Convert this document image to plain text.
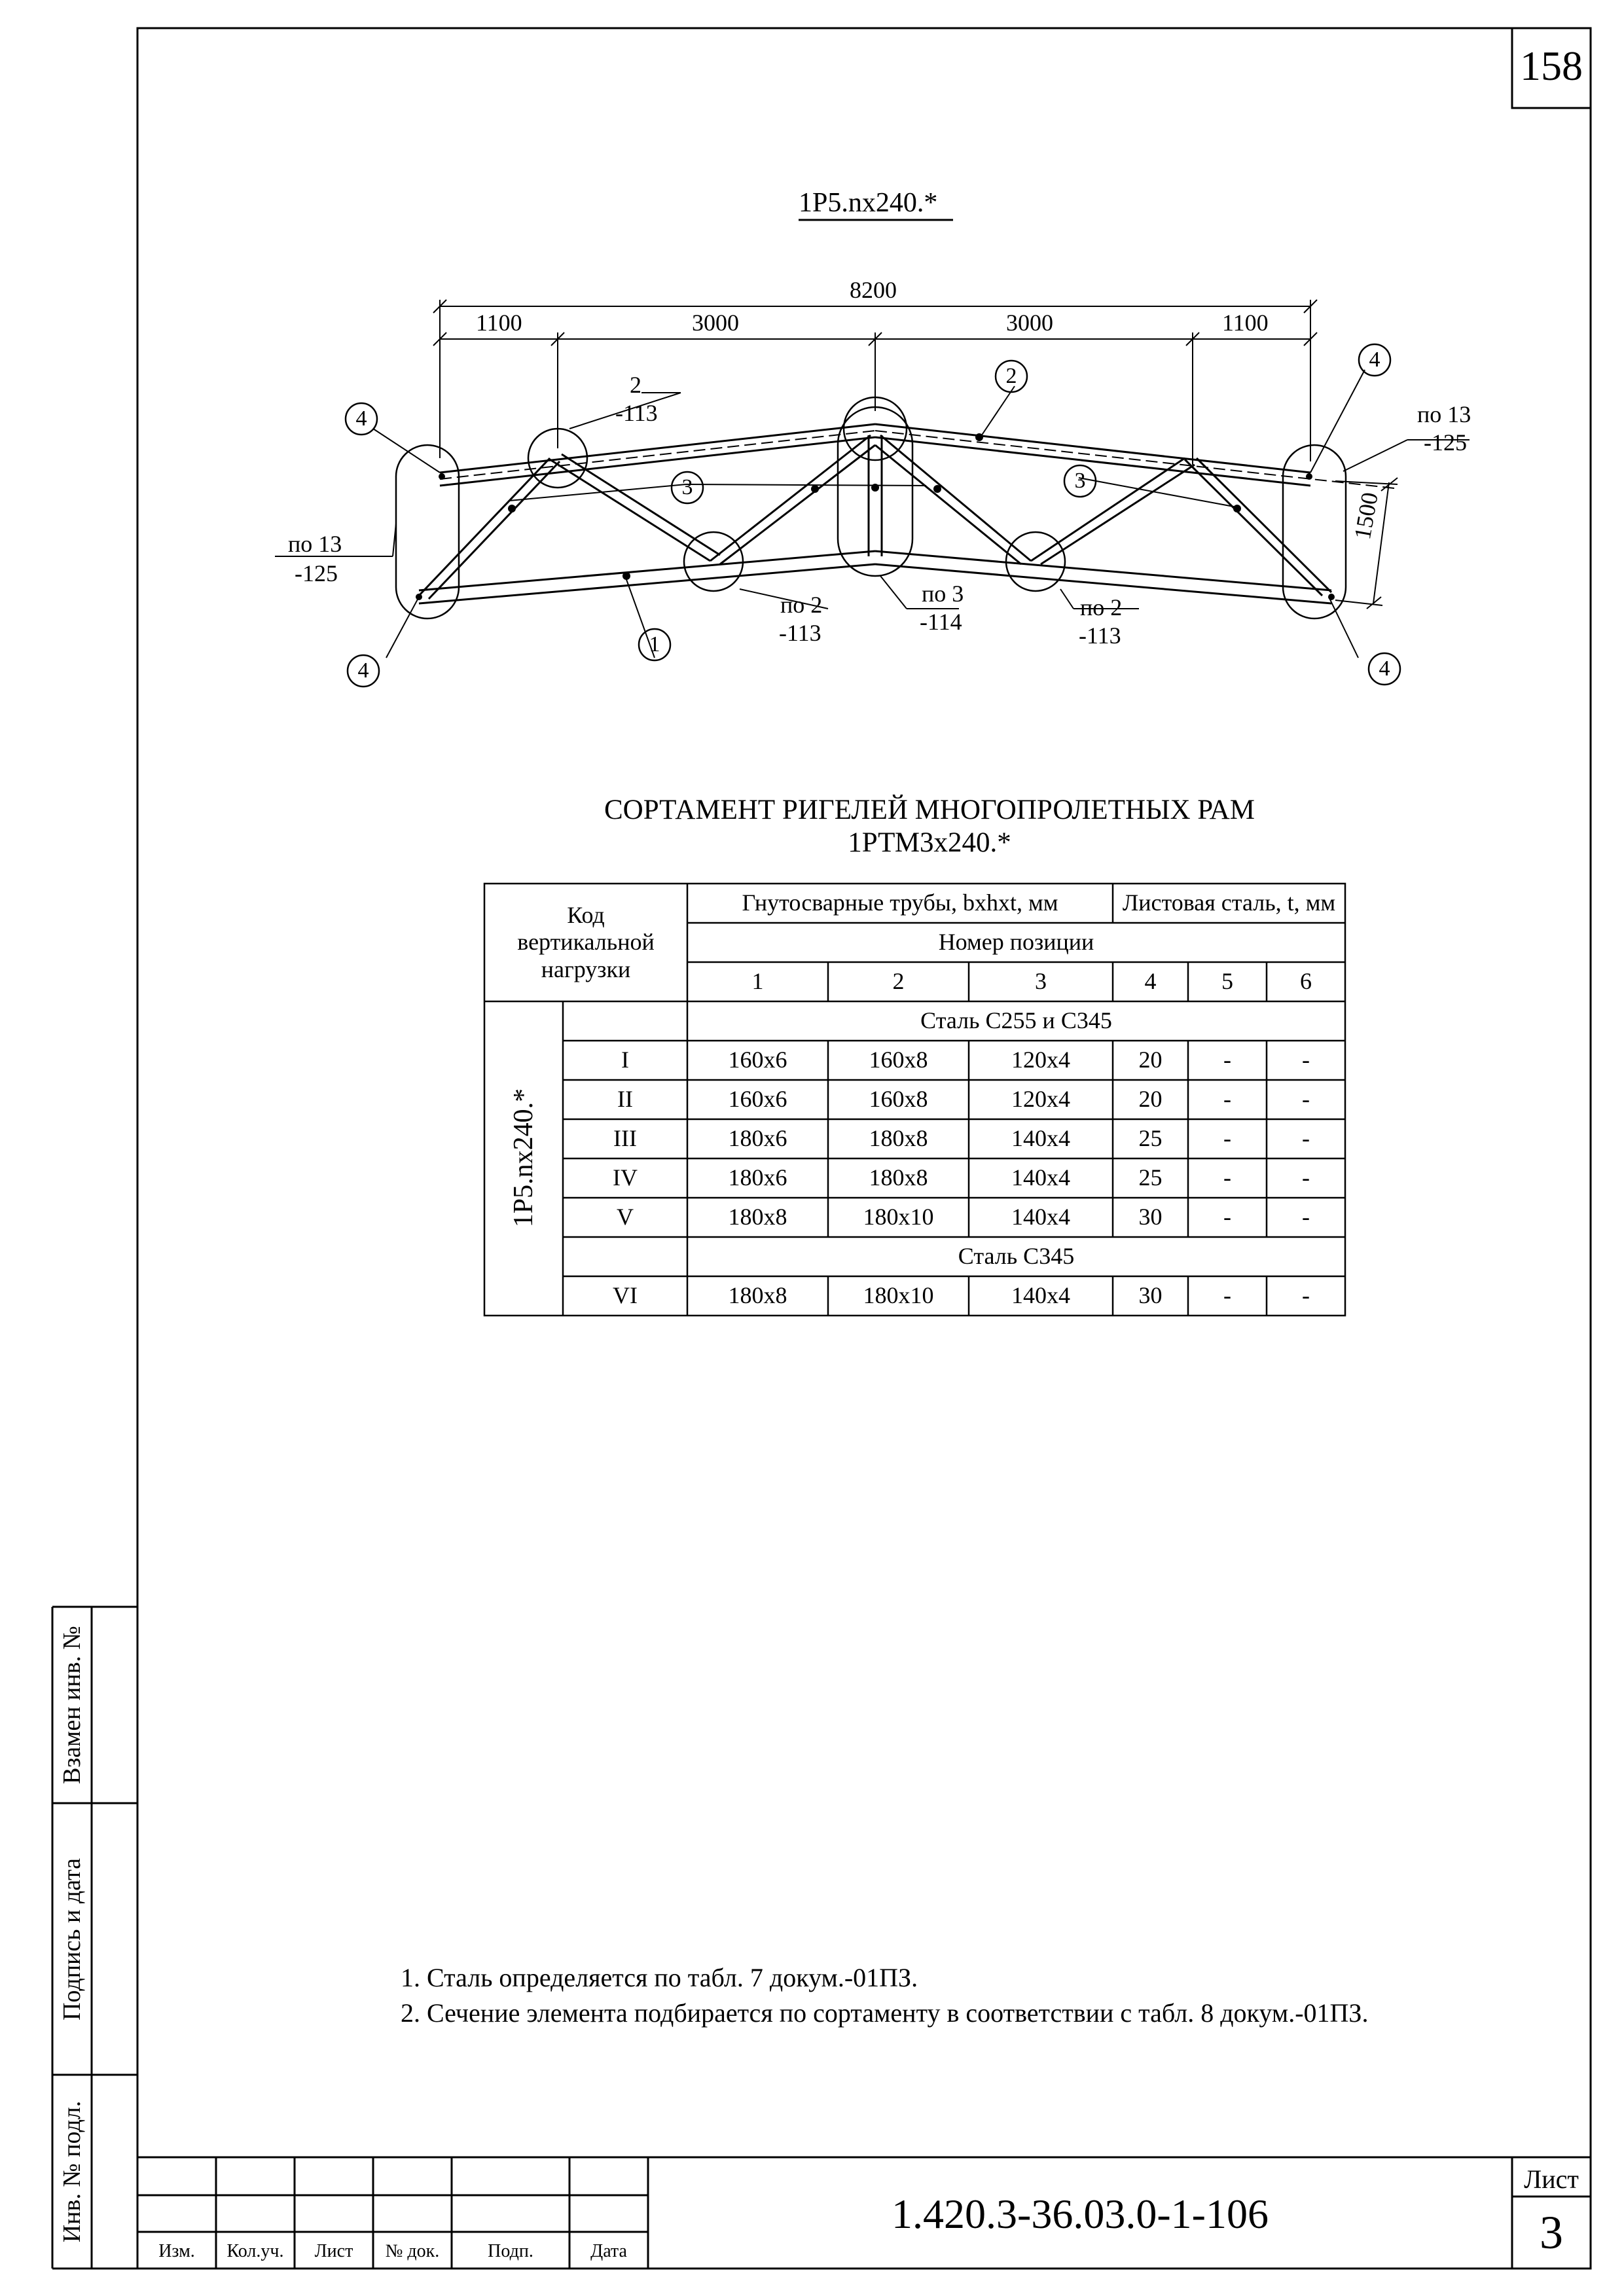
158
1Р5.nх240.*
8200
1100	3000	3000	1100
1500
4
3
2
3
4
1
4	4
2
-113
по 13
-125
по 13
-125
по 2
-113
по 3
-114
по 2
-113
СОРТАМЕНТ РИГЕЛЕЙ МНОГОПРОЛЕТНЫХ РАМ
1РТМ3х240.*
Код вертикальной нагрузки
Гнутосварные трубы, bхhхt, мм	Листовая сталь, t, мм
Номер позиции
1	2	3	4	5	6
1Р5.nх240.*
Сталь С255 и С345
Сталь С345
I	160х6	160х8	120х4	20	-	-
II	160х6	160х8	120х4	20	-	-
III	180х6	180х8	140х4	25	-	-
IV	180х6	180х8	140х4	25	-	-
V	180х8	180х10	140х4	30	-	-
VI	180х8	180х10	140х4	30	-	-
1. Сталь определяется по табл. 7 докум.-01ПЗ.
2. Сечение элемента подбирается по сортаменту в соответствии с табл. 8 докум.-01ПЗ.
Взамен инв. №
Подпись и дата
Инв. № подл.
Изм.	Кол.уч.	Лист	№ док.	Подп.	Дата
1.420.3-36.03.0-1-106
Лист
3
